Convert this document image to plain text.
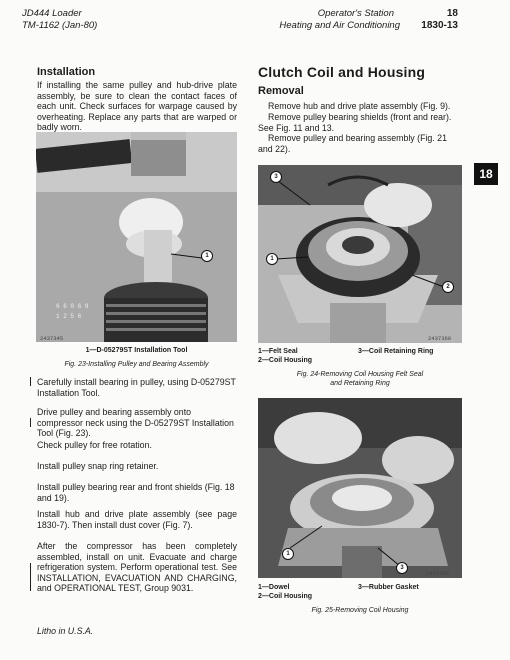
JD444 Loader
TM-1162 (Jan-80)
Operator's Station
Heating and Air Conditioning
18
1830-13
18
Installation
If installing the same pulley and hub-drive plate assembly, be sure to clean the contact faces of each unit. Check surfaces for warpage caused by overheating. Replace any parts that are warped or badly worn.
6 6 0 6 9
1 2 5 6
1
2437345
1—D-05279ST Installation Tool
Fig. 23-Installing Pulley and Bearing Assembly
Carefully install bearing in pulley, using D-05279ST Installation Tool.
Drive pulley and bearing assembly onto compressor neck using the D-05279ST Installation Tool (Fig. 23).
Check pulley for free rotation.
Install pulley snap ring retainer.
Install pulley bearing rear and front shields (Fig. 18 and 19).
Install hub and drive plate assembly (see page 1830-7). Then install dust cover (Fig. 7).
After the compressor has been completely assembled, install on unit. Evacuate and charge refrigeration system. Perform operational test. See INSTALLATION, EVACUATION AND CHARGING, and OPERATIONAL TEST, Group 9031.
Litho in U.S.A.
Clutch Coil and Housing
Removal
Remove hub and drive plate assembly (Fig. 9).
Remove pulley bearing shields (front and rear). See Fig. 11 and 13.
Remove pulley and bearing assembly (Fig. 21 and 22).
3
1
2
2437360
1—Felt Seal
2—Coil Housing
3—Coil Retaining Ring
Fig. 24-Removing Coil Housing Felt Seal and Retaining Ring
1
3
2437358
1—Dowel
2—Coil Housing
3—Rubber Gasket
Fig. 25-Removing Coil Housing
